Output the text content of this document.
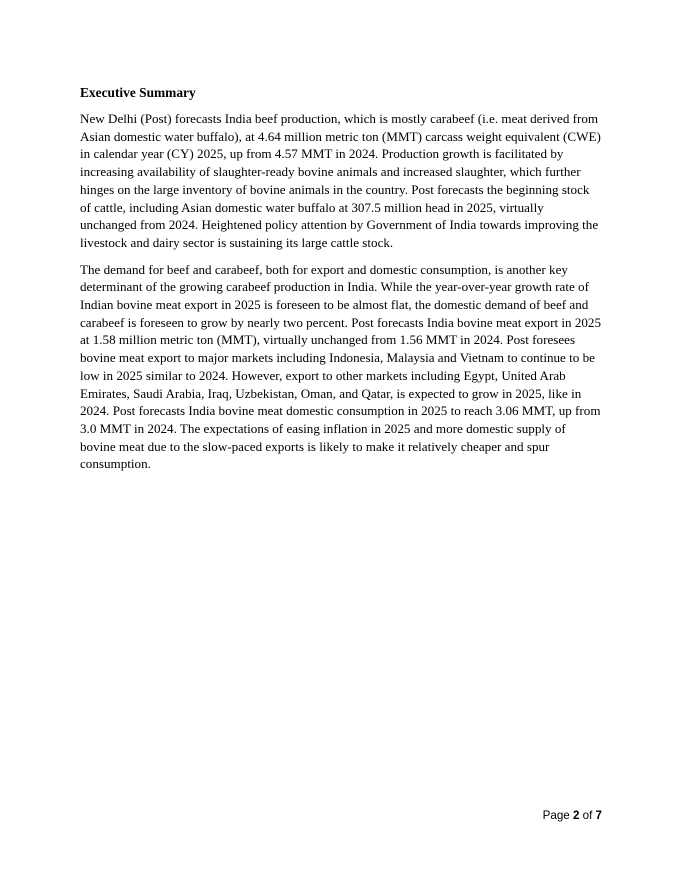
Executive Summary

New Delhi (Post) forecasts India beef production, which is mostly carabeef (i.e. meat derived from Asian domestic water buffalo), at 4.64 million metric ton (MMT) carcass weight equivalent (CWE) in calendar year (CY) 2025, up from 4.57 MMT in 2024. Production growth is facilitated by increasing availability of slaughter-ready bovine animals and increased slaughter, which further hinges on the large inventory of bovine animals in the country. Post forecasts the beginning stock of cattle, including Asian domestic water buffalo at 307.5 million head in 2025, virtually unchanged from 2024. Heightened policy attention by Government of India towards improving the livestock and dairy sector is sustaining its large cattle stock.

The demand for beef and carabeef, both for export and domestic consumption, is another key determinant of the growing carabeef production in India. While the year-over-year growth rate of Indian bovine meat export in 2025 is foreseen to be almost flat, the domestic demand of beef and carabeef is foreseen to grow by nearly two percent. Post forecasts India bovine meat export in 2025 at 1.58 million metric ton (MMT), virtually unchanged from 1.56 MMT in 2024. Post foresees bovine meat export to major markets including Indonesia, Malaysia and Vietnam to continue to be low in 2025 similar to 2024. However, export to other markets including Egypt, United Arab Emirates, Saudi Arabia, Iraq, Uzbekistan, Oman, and Qatar, is expected to grow in 2025, like in 2024. Post forecasts India bovine meat domestic consumption in 2025 to reach 3.06 MMT, up from 3.0 MMT in 2024. The expectations of easing inflation in 2025 and more domestic supply of bovine meat due to the slow-paced exports is likely to make it relatively cheaper and spur consumption.

Page 2 of 7
